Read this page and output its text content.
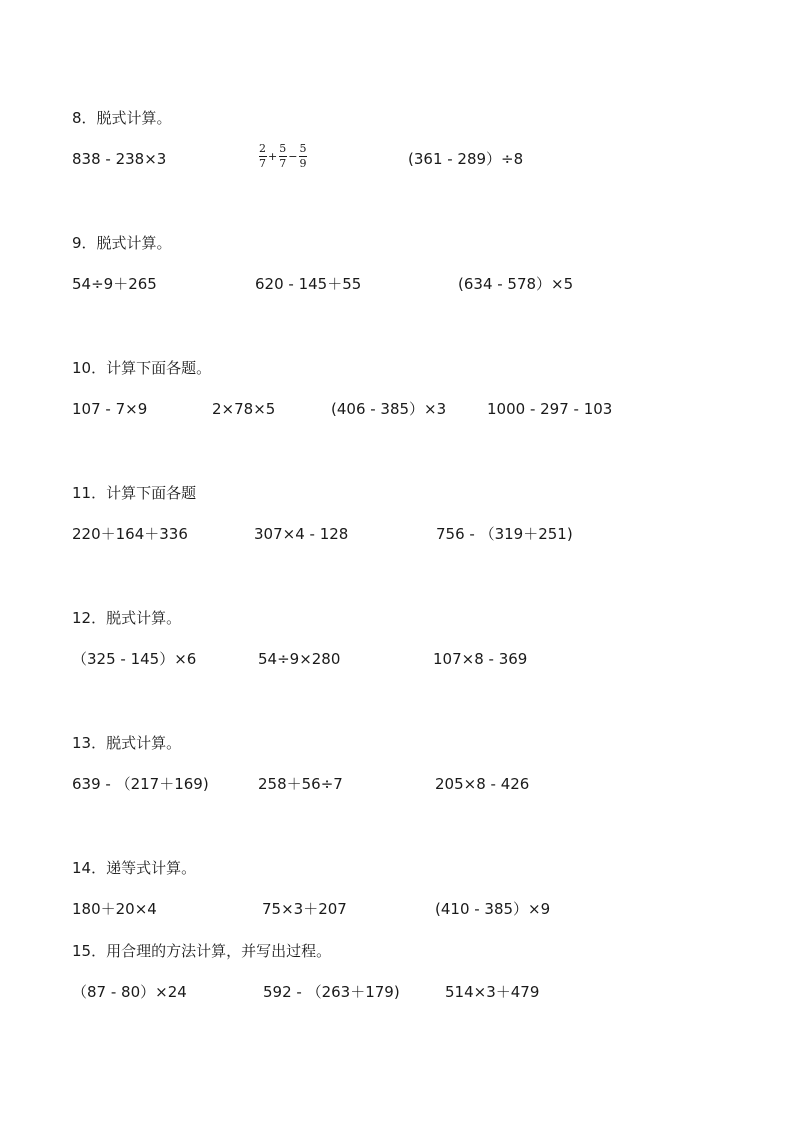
8．脱式计算。
838 - 238×3	$\frac{2}{7} + \frac{5}{7} - \frac{5}{9}$	(361 - 289）÷8
9．脱式计算。
54÷9＋265	620 - 145＋55	(634 - 578）×5
10．计算下面各题。
107 - 7×9	2×78×5	(406 - 385）×3	1000 - 297 - 103
11．计算下面各题
220＋164＋336	307×4 - 128	756 - （319＋251)
12．脱式计算。
（325 - 145）×6	54÷9×280	107×8 - 369
13．脱式计算。
639 - （217＋169)	258＋56÷7	205×8 - 426
14．递等式计算。
180＋20×4	75×3＋207	(410 - 385）×9
15．用合理的方法计算，并写出过程。
（87 - 80）×24	592 - （263＋179)	514×3＋479
